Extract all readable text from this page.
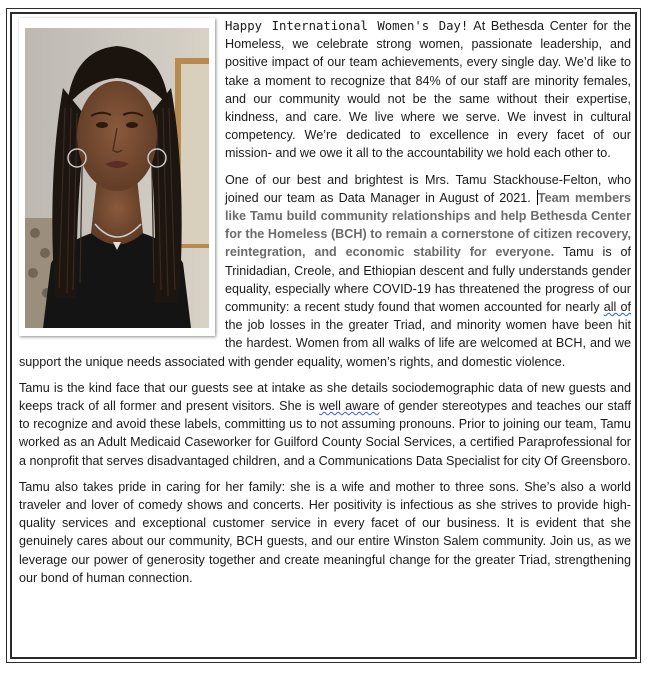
Happy International Women's Day! At Bethesda Center for the Homeless, we celebrate strong women, passionate leadership, and positive impact of our team achievements, every single day. We’d like to take a moment to recognize that 84% of our staff are minority females, and our community would not be the same without their expertise, kindness, and care. We live where we serve. We invest in cultural competency. We’re dedicated to excellence in every facet of our mission- and we owe it all to the accountability we hold each other to.

One of our best and brightest is Mrs. Tamu Stackhouse-Felton, who joined our team as Data Manager in August of 2021. Team members like Tamu build community relationships and help Bethesda Center for the Homeless (BCH) to remain a cornerstone of citizen recovery, reintegration, and economic stability for everyone. Tamu is of Trinidadian, Creole, and Ethiopian descent and fully understands gender equality, especially where COVID-19 has threatened the progress of our community: a recent study found that women accounted for nearly all of the job losses in the greater Triad, and minority women have been hit the hardest. Women from all walks of life are welcomed at BCH, and we support the unique needs associated with gender equality, women’s rights, and domestic violence.

Tamu is the kind face that our guests see at intake as she details sociodemographic data of new guests and keeps track of all former and present visitors. She is well aware of gender stereotypes and teaches our staff to recognize and avoid these labels, committing us to not assuming pronouns. Prior to joining our team, Tamu worked as an Adult Medicaid Caseworker for Guilford County Social Services, a certified Paraprofessional for a nonprofit that serves disadvantaged children, and a Communications Data Specialist for city Of Greensboro.

Tamu also takes pride in caring for her family: she is a wife and mother to three sons. She’s also a world traveler and lover of comedy shows and concerts. Her positivity is infectious as she strives to provide high-quality services and exceptional customer service in every facet of our business. It is evident that she genuinely cares about our community, BCH guests, and our entire Winston Salem community. Join us, as we leverage our power of generosity together and create meaningful change for the greater Triad, strengthening our bond of human connection.
